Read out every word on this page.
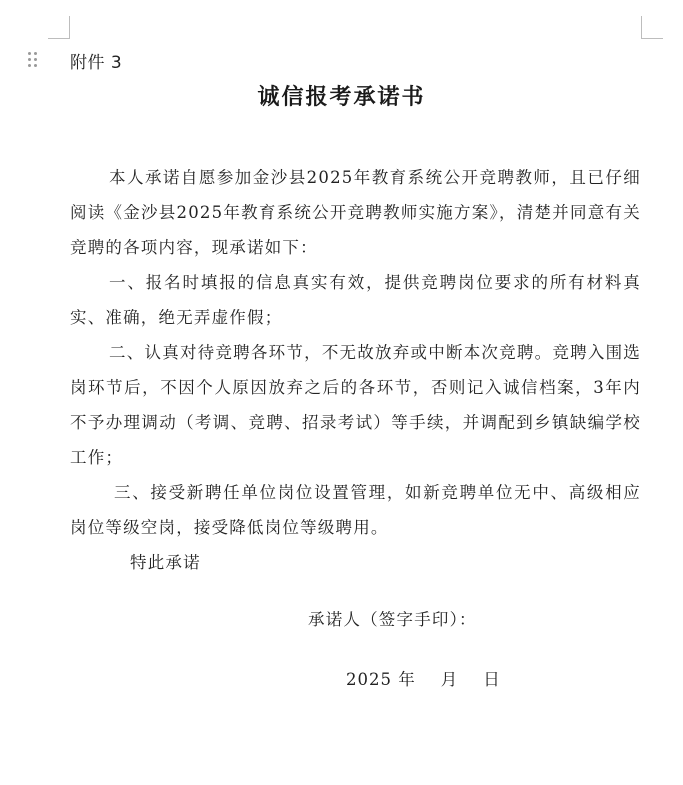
附件 3
诚信报考承诺书

本人承诺自愿参加金沙县2025年教育系统公开竞聘教师，且已仔细阅读《金沙县2025年教育系统公开竞聘教师实施方案》，清楚并同意有关竞聘的各项内容，现承诺如下：

一、报名时填报的信息真实有效，提供竞聘岗位要求的所有材料真实、准确，绝无弄虚作假；

二、认真对待竞聘各环节，不无故放弃或中断本次竞聘。竞聘入围选岗环节后，不因个人原因放弃之后的各环节，否则记入诚信档案，3年内不予办理调动（考调、竞聘、招录考试）等手续，并调配到乡镇缺编学校工作；

三、接受新聘任单位岗位设置管理，如新竞聘单位无中、高级相应岗位等级空岗，接受降低岗位等级聘用。

特此承诺

承诺人（签字手印）：
2025 年    月    日
